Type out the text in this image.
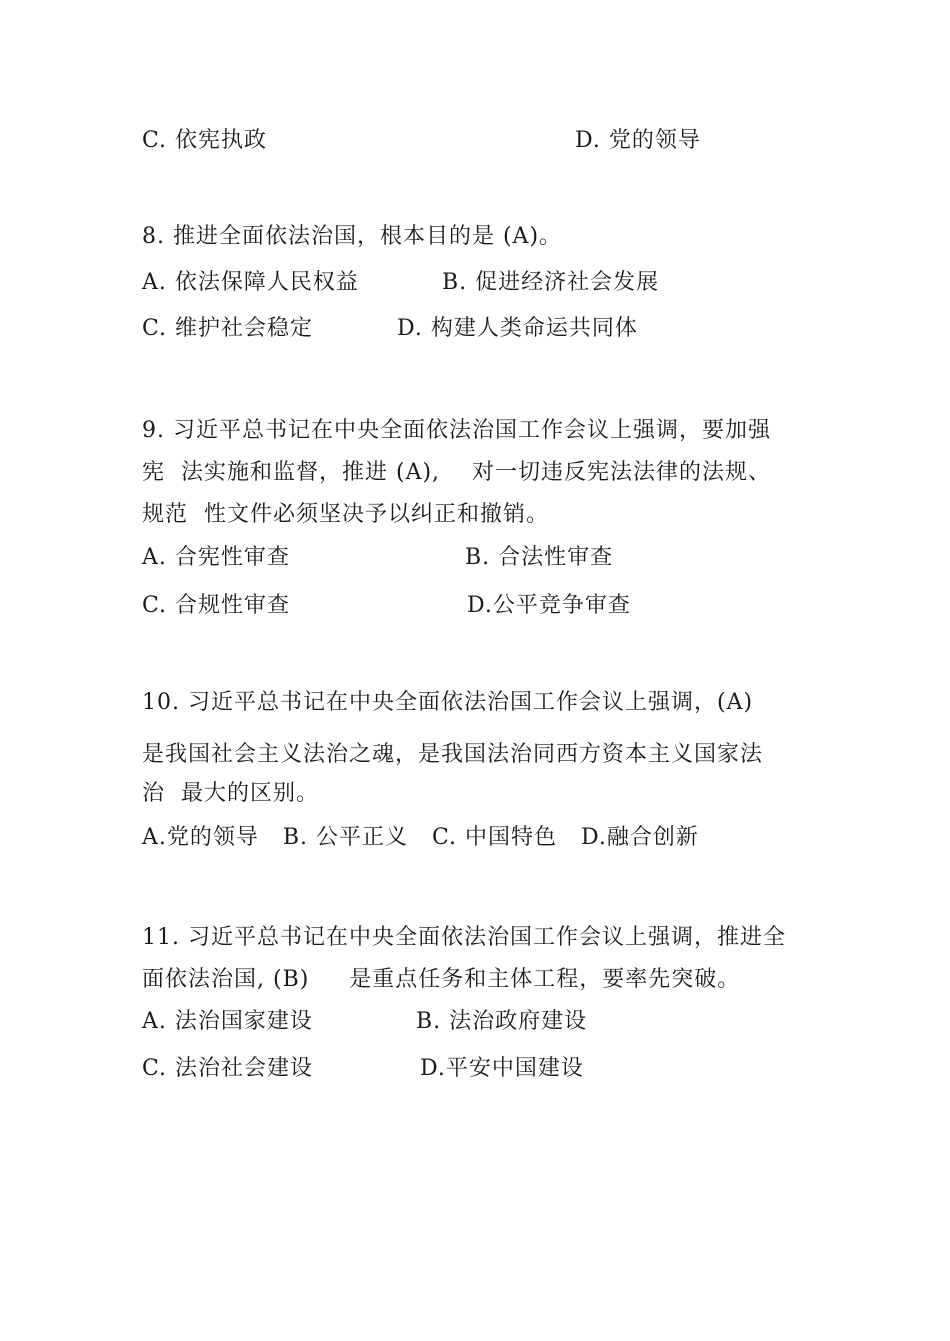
C. 依宪执政	D. 党的领导
8. 推进全面依法治国，根本目的是 (A)。
A. 依法保障人民权益	B. 促进经济社会发展
C. 维护社会稳定	D. 构建人类命运共同体
9. 习近平总书记在中央全面依法治国工作会议上强调，要加强
宪  法实施和监督，推进 (A),    对一切违反宪法法律的法规、
规范  性文件必须坚决予以纠正和撤销。
A. 合宪性审查	B. 合法性审查
C. 合规性审查	D.公平竞争审查
10. 习近平总书记在中央全面依法治国工作会议上强调，(A)
是我国社会主义法治之魂，是我国法治同西方资本主义国家法
治  最大的区别。
A.党的领导   B. 公平正义   C. 中国特色   D.融合创新
11. 习近平总书记在中央全面依法治国工作会议上强调，推进全
面依法治国, (B)     是重点任务和主体工程，要率先突破。
A. 法治国家建设	B. 法治政府建设
C. 法治社会建设	D.平安中国建设
